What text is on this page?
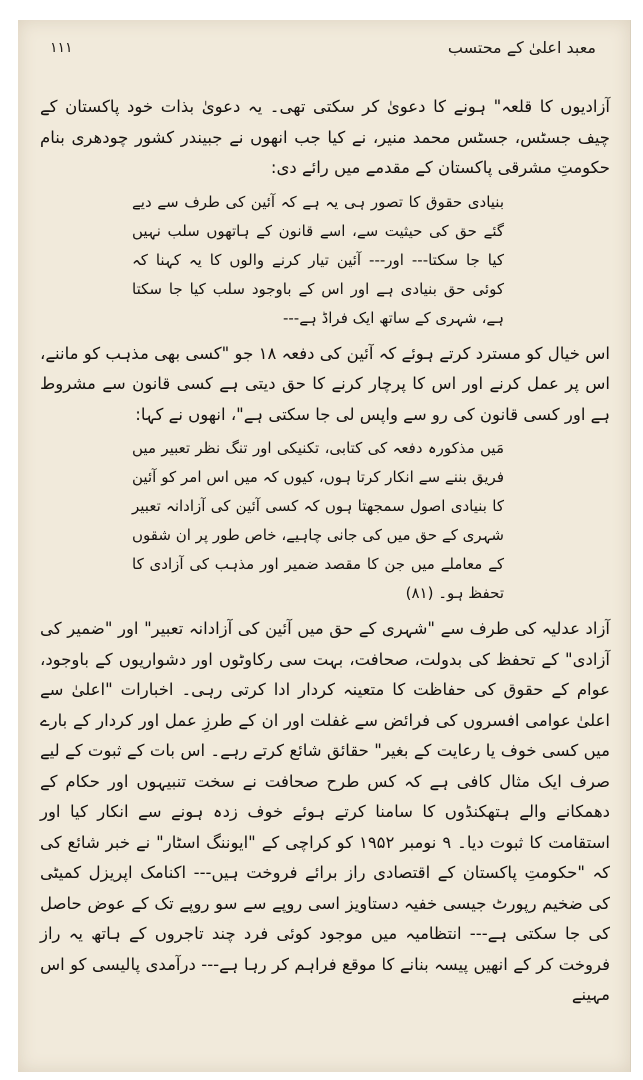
معبد اعلیٰ کے محتسب
۱۱۱

آزادیوں کا قلعہ" ہونے کا دعویٰ کر سکتی تھی۔ یہ دعویٰ بذات خود پاکستان کے چیف جسٹس، جسٹس محمد منیر، نے کیا جب انھوں نے جبیندر کشور چودھری بنام حکومتِ مشرقی پاکستان کے مقدمے میں رائے دی:

بنیادی حقوق کا تصور ہی یہ ہے کہ آئین کی طرف سے دیے گئے حق کی حیثیت سے، اسے قانون کے ہاتھوں سلب نہیں کیا جا سکتا--- اور--- آئین تیار کرنے والوں کا یہ کہنا کہ کوئی حق بنیادی ہے اور اس کے باوجود سلب کیا جا سکتا ہے، شہری کے ساتھ ایک فراڈ ہے---

اس خیال کو مسترد کرتے ہوئے کہ آئین کی دفعہ ۱۸ جو "کسی بھی مذہب کو ماننے، اس پر عمل کرنے اور اس کا پرچار کرنے کا حق دیتی ہے کسی قانون سے مشروط ہے اور کسی قانون کی رو سے واپس لی جا سکتی ہے"، انھوں نے کہا:

مَیں مذکورہ دفعہ کی کتابی، تکنیکی اور تنگ نظر تعبیر میں فریق بننے سے انکار کرتا ہوں، کیوں کہ میں اس امر کو آئین کا بنیادی اصول سمجھتا ہوں کہ کسی آئین کی آزادانہ تعبیر شہری کے حق میں کی جانی چاہیے، خاص طور پر ان شقوں کے معاملے میں جن کا مقصد ضمیر اور مذہب کی آزادی کا تحفظ ہو۔ (۸۱)

آزاد عدلیہ کی طرف سے "شہری کے حق میں آئین کی آزادانہ تعبیر" اور "ضمیر کی آزادی" کے تحفظ کی بدولت، صحافت، بہت سی رکاوٹوں اور دشواریوں کے باوجود، عوام کے حقوق کی حفاظت کا متعینہ کردار ادا کرتی رہی۔ اخبارات "اعلیٰ سے اعلیٰ عوامی افسروں کی فرائض سے غفلت اور ان کے طرزِ عمل اور کردار کے بارے میں کسی خوف یا رعایت کے بغیر" حقائق شائع کرتے رہے۔ اس بات کے ثبوت کے لیے صرف ایک مثال کافی ہے کہ کس طرح صحافت نے سخت تنبیہوں اور حکام کے دھمکانے والے ہتھکنڈوں کا سامنا کرتے ہوئے خوف زدہ ہونے سے انکار کیا اور استقامت کا ثبوت دیا۔ ۹ نومبر ۱۹۵۲ کو کراچی کے "ایوننگ اسٹار" نے خبر شائع کی کہ "حکومتِ پاکستان کے اقتصادی راز برائے فروخت ہیں--- اکنامک اپریزل کمیٹی کی ضخیم رپورٹ جیسی خفیہ دستاویز اسی روپے سے سو روپے تک کے عوض حاصل کی جا سکتی ہے--- انتظامیہ میں موجود کوئی فرد چند تاجروں کے ہاتھ یہ راز فروخت کر کے انھیں پیسہ بنانے کا موقع فراہم کر رہا ہے--- درآمدی پالیسی کو اس مہینے
